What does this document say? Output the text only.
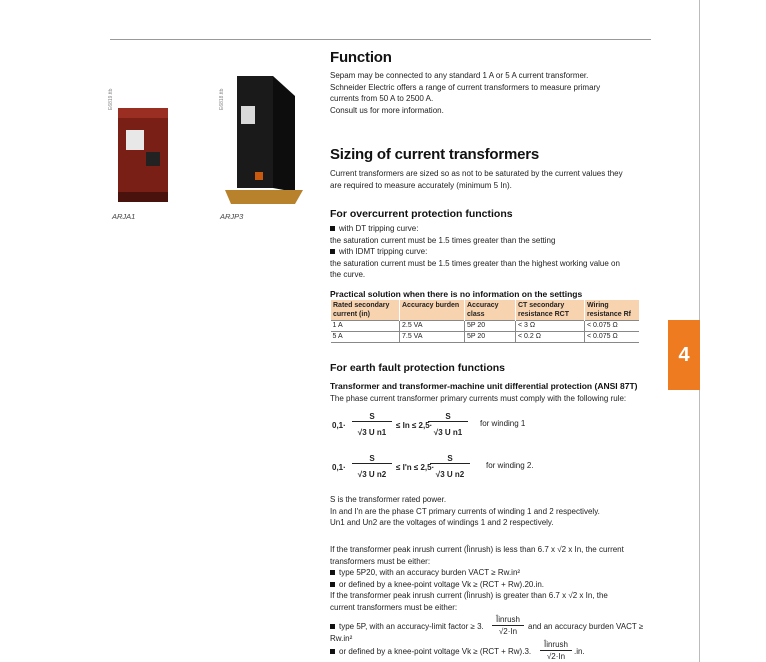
4
E6819.ttb	E6818.ttb
ARJA1	ARJP3
Function

Sepam may be connected to any standard 1 A or 5 A current transformer.

Schneider Electric offers a range of current transformers to measure primary

currents from 50 A to 2500 A.

Consult us for more information.

Sizing of current transformers

Current transformers are sized so as not to be saturated by the current values they

are required to measure accurately (minimum 5 In).

For overcurrent protection functions

with DT tripping curve:

the saturation current must be 1.5 times greater than the setting

with IDMT tripping curve:

the saturation current must be 1.5 times greater than the highest working value on

the curve.

Practical solution when there is no information on the settings
Rated secondary current (in)	Accuracy burden	Accuracy class	CT secondary resistance RCT	Wiring resistance Rf
1 A	2.5 VA	5P 20	< 3 Ω	< 0.075 Ω
5 A	7.5 VA	5P 20	< 0.2 Ω	< 0.075 Ω
For earth fault protection functions
Transformer and transformer-machine unit differential protection (ANSI 87T)

The phase current transformer primary currents must comply with the following rule:

0,1·
S
√3 U n1
≤ In ≤ 2,5·
S
√3 U n1
for winding 1
0,1·
S
√3 U n2
≤ I'n ≤ 2,5·
S
√3 U n2
for winding 2.

S is the transformer rated power.

In and I'n are the phase CT primary currents of winding 1 and 2 respectively.

Un1 and Un2 are the voltages of windings 1 and 2 respectively.

If the transformer peak inrush current (Îinrush) is less than 6.7 x √2 x In, the current

transformers must be either:

type 5P20, with an accuracy burden VACT ≥ Rw.in²

or defined by a knee-point voltage Vk ≥ (RCT + Rw).20.in.

If the transformer peak inrush current (Îinrush) is greater than 6.7 x √2 x In, the

current transformers must be either:

type 5P, with an accuracy-limit factor ≥ 3.
Îinrush
√2·In
and an accuracy burden VACT ≥
Rw.in²
or defined by a knee-point voltage Vk ≥ (RCT + Rw).3.
Îinrush
√2·In
.in.
